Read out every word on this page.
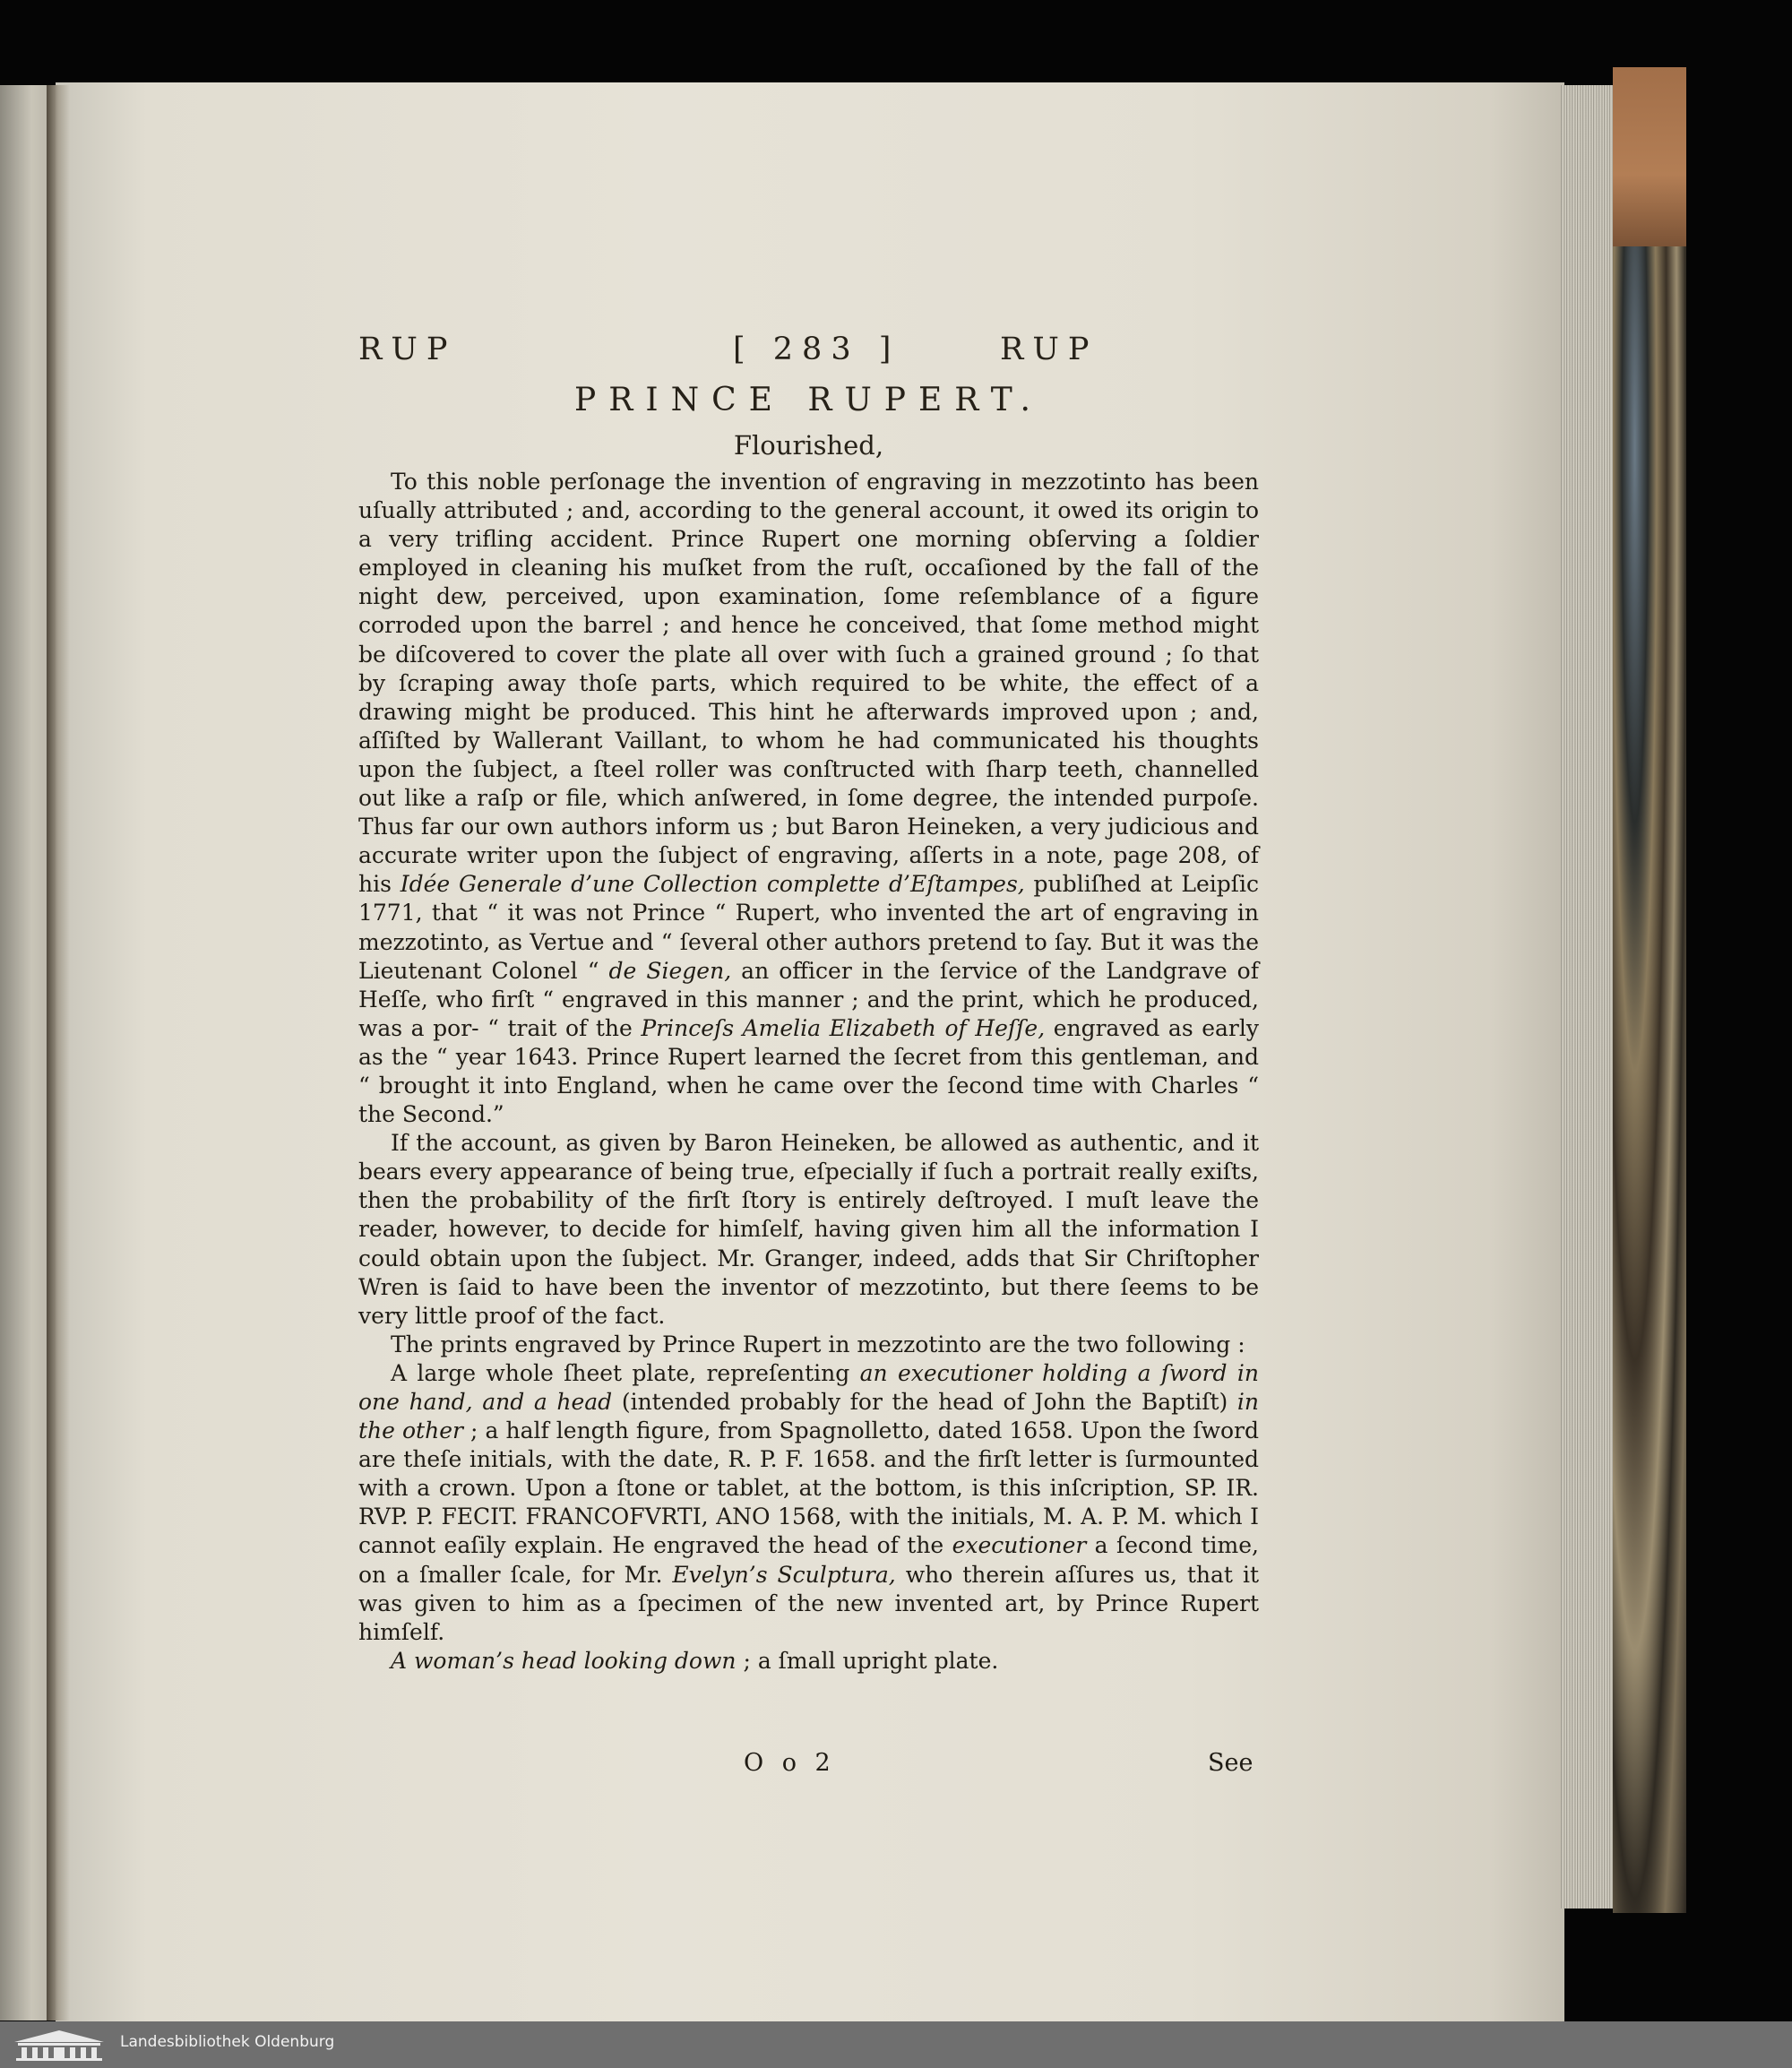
RUP	[ 283 ]	RUP
PRINCE RUPERT.
Flourished,

To this noble perſonage the invention of engraving in mezzotinto has been uſually attributed ; and, according to the general account, it owed its origin to a very trifling accident. Prince Rupert one morning obſerving a ſoldier employed in cleaning his muſket from the ruſt, occaſioned by the fall of the night dew, perceived, upon examination, ſome reſemblance of a figure corroded upon the barrel ; and hence he conceived, that ſome method might be diſcovered to cover the plate all over with ſuch a grained ground ; ſo that by ſcraping away thoſe parts, which required to be white, the effect of a drawing might be produced. This hint he afterwards improved upon ; and, aſſiſted by Wallerant Vaillant, to whom he had communicated his thoughts upon the ſubject, a ſteel roller was conſtructed with ſharp teeth, channelled out like a raſp or file, which anſwered, in ſome degree, the intended purpoſe. Thus far our own authors inform us ; but Baron Heineken, a very judicious and accurate writer upon the ſubject of engraving, aſſerts in a note, page 208, of his Idée Generale d’une Collection complette d’Eſtampes, publiſhed at Leipſic 1771, that “ it was not Prince “ Rupert, who invented the art of engraving in mezzotinto, as Vertue and “ ſeveral other authors pretend to ſay. But it was the Lieutenant Colonel “ de Siegen, an officer in the ſervice of the Landgrave of Heſſe, who firſt “ engraved in this manner ; and the print, which he produced, was a por- “ trait of the Princeſs Amelia Elizabeth of Heſſe, engraved as early as the “ year 1643. Prince Rupert learned the ſecret from this gentleman, and “ brought it into England, when he came over the ſecond time with Charles “ the Second.”

If the account, as given by Baron Heineken, be allowed as authentic, and it bears every appearance of being true, eſpecially if ſuch a portrait really exiſts, then the probability of the firſt ſtory is entirely deſtroyed. I muſt leave the reader, however, to decide for himſelf, having given him all the information I could obtain upon the ſubject. Mr. Granger, indeed, adds that Sir Chriſtopher Wren is ſaid to have been the inventor of mezzotinto, but there ſeems to be very little proof of the fact.

The prints engraved by Prince Rupert in mezzotinto are the two following :

A large whole ſheet plate, repreſenting an executioner holding a ſword in one hand, and a head (intended probably for the head of John the Baptiſt) in the other ; a half length figure, from Spagnolletto, dated 1658. Upon the ſword are theſe initials, with the date, R. P. F. 1658. and the firſt letter is ſurmounted with a crown. Upon a ſtone or tablet, at the bottom, is this inſcription, SP. IR. RVP. P. FECIT. FRANCOFVRTI, ANO 1568, with the initials, M. A. P. M. which I cannot eaſily explain. He engraved the head of the executioner a ſecond time, on a ſmaller ſcale, for Mr. Evelyn’s Sculptura, who therein aſſures us, that it was given to him as a ſpecimen of the new invented art, by Prince Rupert himſelf.

A woman’s head looking down ; a ſmall upright plate.

O o 2	See
Landesbibliothek Oldenburg
